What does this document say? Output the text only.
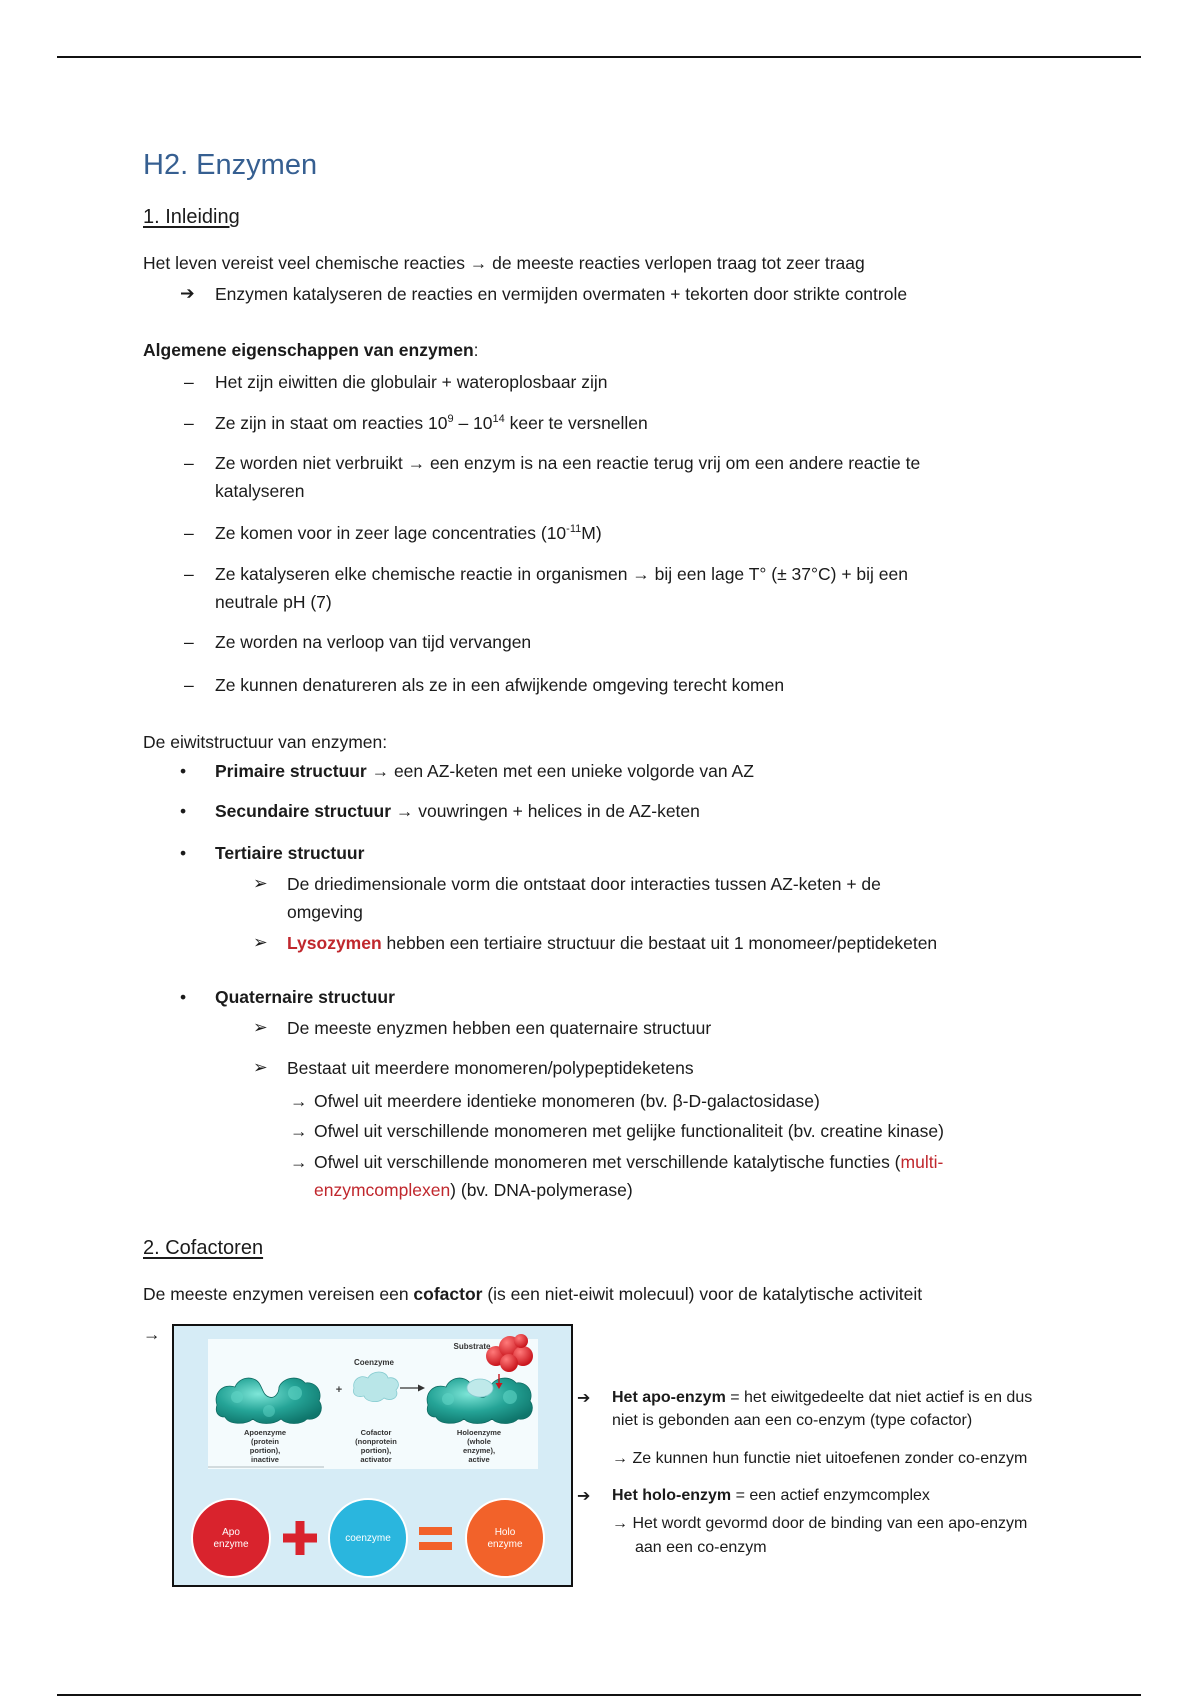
H2. Enzymen
1. Inleiding
Het leven vereist veel chemische reacties → de meeste reacties verlopen traag tot zeer traag
➔ Enzymen katalyseren de reacties en vermijden overmaten + tekorten door strikte controle
Algemene eigenschappen van enzymen:
– Het zijn eiwitten die globulair + wateroplosbaar zijn
– Ze zijn in staat om reacties $10^9 - 10^{14}$ keer te versnellen
– Ze worden niet verbruikt → een enzym is na een reactie terug vrij om een andere reactie te
katalyseren
– Ze komen voor in zeer lage concentraties $(10^{-11}M)$
– Ze katalyseren elke chemische reactie in organismen → bij een lage T° (± 37°C) + bij een
neutrale pH (7)
– Ze worden na verloop van tijd vervangen
– Ze kunnen denatureren als ze in een afwijkende omgeving terecht komen
De eiwitstructuur van enzymen:
• Primaire structuur → een AZ-keten met een unieke volgorde van AZ
• Secundaire structuur → vouwringen + helices in de AZ-keten
• Tertiaire structuur
➢ De driedimensionale vorm die ontstaat door interacties tussen AZ-keten + de
omgeving
➢ Lysozymen hebben een tertiaire structuur die bestaat uit 1 monomeer/peptideketen
• Quaternaire structuur
➢ De meeste enyzmen hebben een quaternaire structuur
➢ Bestaat uit meerdere monomeren/polypeptideketens
→ Ofwel uit meerdere identieke monomeren (bv. β-D-galactosidase)
→ Ofwel uit verschillende monomeren met gelijke functionaliteit (bv. creatine kinase)
→ Ofwel uit verschillende monomeren met verschillende katalytische functies (multi-
enzymcomplexen) (bv. DNA-polymerase)
2. Cofactoren
De meeste enzymen vereisen een cofactor (is een niet-eiwit molecuul) voor de katalytische activiteit
→
+
Coenzyme
Substrate
Apoenzyme
(protein
portion),
inactive
Cofactor
(nonprotein
portion),
activator
Holoenzyme
(whole
enzyme),
active
Apo
enzyme
coenzyme
Holo
enzyme
➔ Het apo-enzym = het eiwitgedeelte dat niet actief is en dus
niet is gebonden aan een co-enzym (type cofactor)
→ Ze kunnen hun functie niet uitoefenen zonder co-enzym
➔ Het holo-enzym = een actief enzymcomplex
→ Het wordt gevormd door de binding van een apo-enzym
aan een co-enzym
